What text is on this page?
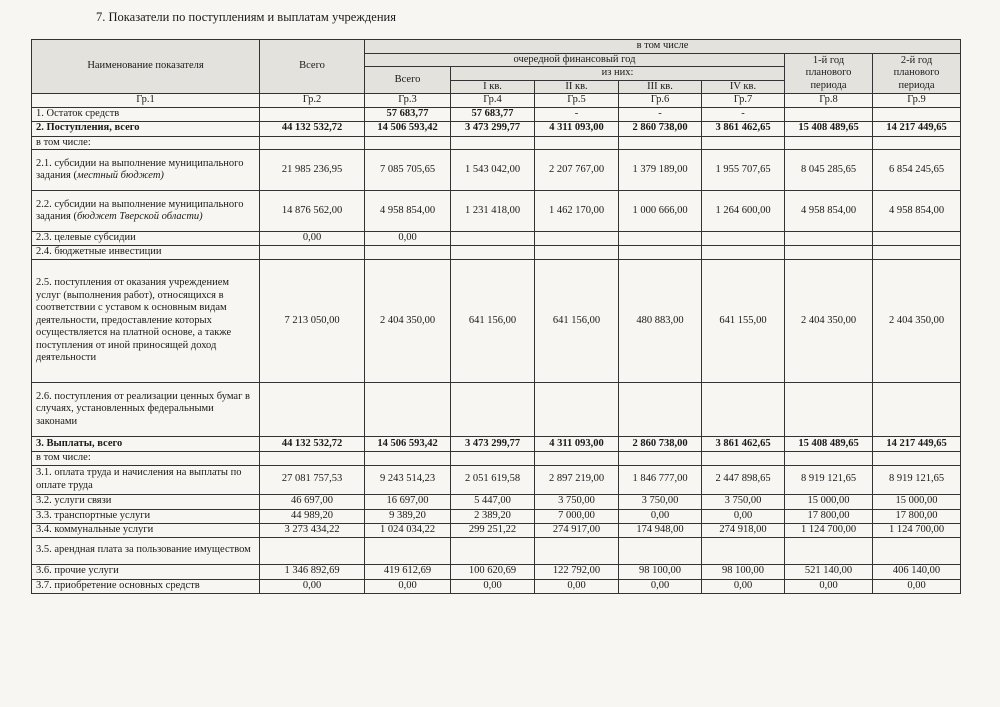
7. Показатели по поступлениям и выплатам учреждения
Наименование показателя	Всего	в том числе						
		очередной финансовый год					1-й год планового периода	2-й год планового периода
		Всего	из них:					
			I кв.	II кв.	III кв.	IV кв.		
Гр.1	Гр.2	Гр.3	Гр.4	Гр.5	Гр.6	Гр.7	Гр.8	Гр.9
1. Остаток средств		57 683,77	57 683,77	-	-	-		
2. Поступления, всего	44 132 532,72	14 506 593,42	3 473 299,77	4 311 093,00	2 860 738,00	3 861 462,65	15 408 489,65	14 217 449,65
в том числе:								
2.1. субсидии на выполнение муниципального задания (местный бюджет)	21 985 236,95	7 085 705,65	1 543 042,00	2 207 767,00	1 379 189,00	1 955 707,65	8 045 285,65	6 854 245,65
2.2. субсидии на выполнение муниципального задания (бюджет Тверской области)	14 876 562,00	4 958 854,00	1 231 418,00	1 462 170,00	1 000 666,00	1 264 600,00	4 958 854,00	4 958 854,00
2.3. целевые субсидии	0,00	0,00						
2.4. бюджетные инвестиции								
2.5. поступления от оказания учреждением услуг (выполнения работ), относящихся в соответствии с уставом к основным видам деятельности, предоставление которых осуществляется на платной основе, а также поступления от иной приносящей доход деятельности	7 213 050,00	2 404 350,00	641 156,00	641 156,00	480 883,00	641 155,00	2 404 350,00	2 404 350,00
2.6. поступления от реализации ценных бумаг в случаях, установленных федеральными законами								
3. Выплаты, всего	44 132 532,72	14 506 593,42	3 473 299,77	4 311 093,00	2 860 738,00	3 861 462,65	15 408 489,65	14 217 449,65
в том числе:								
3.1. оплата труда и начисления на выплаты по оплате труда	27 081 757,53	9 243 514,23	2 051 619,58	2 897 219,00	1 846 777,00	2 447 898,65	8 919 121,65	8 919 121,65
3.2. услуги связи	46 697,00	16 697,00	5 447,00	3 750,00	3 750,00	3 750,00	15 000,00	15 000,00
3.3. транспортные услуги	44 989,20	9 389,20	2 389,20	7 000,00	0,00	0,00	17 800,00	17 800,00
3.4. коммунальные услуги	3 273 434,22	1 024 034,22	299 251,22	274 917,00	174 948,00	274 918,00	1 124 700,00	1 124 700,00
3.5. арендная плата за пользование имуществом								
3.6. прочие услуги	1 346 892,69	419 612,69	100 620,69	122 792,00	98 100,00	98 100,00	521 140,00	406 140,00
3.7. приобретение основных средств	0,00	0,00	0,00	0,00	0,00	0,00	0,00	0,00
